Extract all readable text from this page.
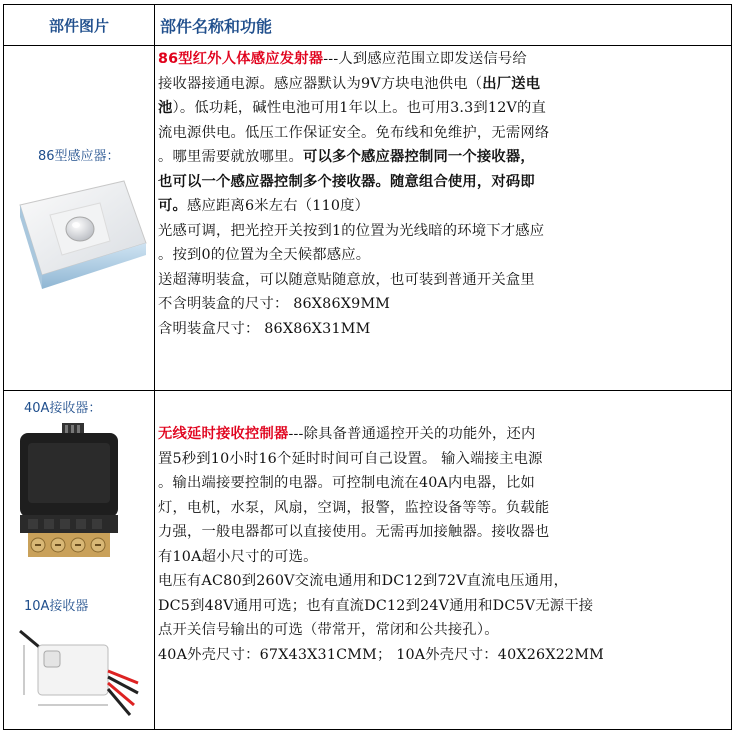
部件图片	部件名称和功能
86型感应器：
86型红外人体感应发射器---人到感应范围立即发送信号给
接收器接通电源。感应器默认为9V方块电池供电（出厂送电
池）。低功耗，碱性电池可用1年以上。也可用3.3到12V的直
流电源供电。低压工作保证安全。免布线和免维护，无需网络
。哪里需要就放哪里。可以多个感应器控制同一个接收器，
也可以一个感应器控制多个接收器。随意组合使用，对码即
可。感应距离6米左右（110度）
光感可调，把光控开关按到1的位置为光线暗的环境下才感应
。按到0的位置为全天候都感应。
送超薄明装盒，可以随意贴随意放，也可装到普通开关盒里
不含明装盒的尺寸： 86X86X9MM
含明装盒尺寸： 86X86X31MM
40A接收器：
10A接收器
无线延时接收控制器---除具备普通遥控开关的功能外，还内
置5秒到10小时16个延时时间可自己设置。 输入端接主电源
。输出端接要控制的电器。可控制电流在40A内电器，比如
灯，电机，水泵，风扇，空调，报警，监控设备等等。负载能
力强，一般电器都可以直接使用。无需再加接触器。接收器也
有10A超小尺寸的可选。
电压有AC80到260V交流电通用和DC12到72V直流电压通用，
DC5到48V通用可选；也有直流DC12到24V通用和DC5V无源干接
点开关信号输出的可选（带常开，常闭和公共接孔）。
40A外壳尺寸：67X43X31CMM； 10A外壳尺寸：40X26X22MM
